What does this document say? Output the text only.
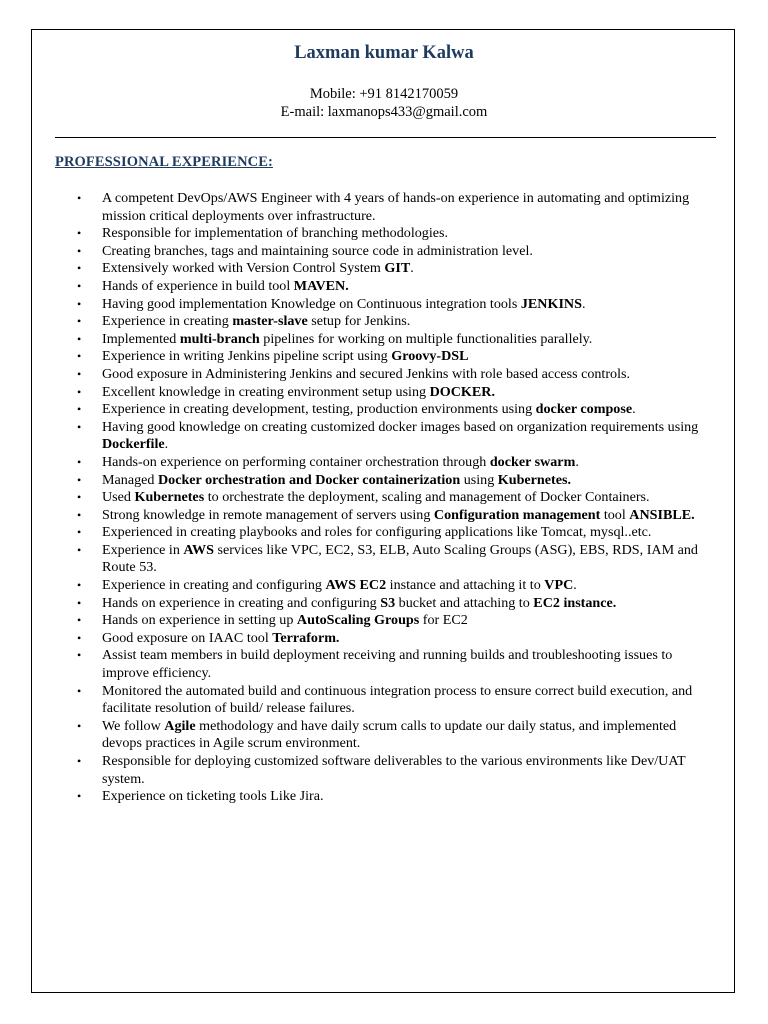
Laxman kumar Kalwa
Mobile: +91 8142170059
E-mail: laxmanops433@gmail.com
PROFESSIONAL EXPERIENCE:
• A competent DevOps/AWS Engineer with 4 years of hands-on experience in automating and optimizing mission critical deployments over infrastructure.
• Responsible for implementation of branching methodologies.
• Creating branches, tags and maintaining source code in administration level.
• Extensively worked with Version Control System GIT.
• Hands of experience in build tool MAVEN.
• Having good implementation Knowledge on Continuous integration tools JENKINS.
• Experience in creating master-slave setup for Jenkins.
• Implemented multi-branch pipelines for working on multiple functionalities parallely.
• Experience in writing Jenkins pipeline script using Groovy-DSL
• Good exposure in Administering Jenkins and secured Jenkins with role based access controls.
• Excellent knowledge in creating environment setup using DOCKER.
• Experience in creating development, testing, production environments using docker compose.
• Having good knowledge on creating customized docker images based on organization requirements using Dockerfile.
• Hands-on experience on performing container orchestration through docker swarm.
• Managed Docker orchestration and Docker containerization using Kubernetes.
• Used Kubernetes to orchestrate the deployment, scaling and management of Docker Containers.
• Strong knowledge in remote management of servers using Configuration management tool ANSIBLE.
• Experienced in creating playbooks and roles for configuring applications like Tomcat, mysql..etc.
• Experience in AWS services like VPC, EC2, S3, ELB, Auto Scaling Groups (ASG), EBS, RDS, IAM and Route 53.
• Experience in creating and configuring AWS EC2 instance and attaching it to VPC.
• Hands on experience in creating and configuring S3 bucket and attaching to EC2 instance.
• Hands on experience in setting up AutoScaling Groups for EC2
• Good exposure on IAAC tool Terraform.
• Assist team members in build deployment receiving and running builds and troubleshooting issues to improve efficiency.
• Monitored the automated build and continuous integration process to ensure correct build execution, and facilitate resolution of build/ release failures.
• We follow Agile methodology and have daily scrum calls to update our daily status, and implemented devops practices in Agile scrum environment.
• Responsible for deploying customized software deliverables to the various environments like Dev/UAT system.
• Experience on ticketing tools Like Jira.
